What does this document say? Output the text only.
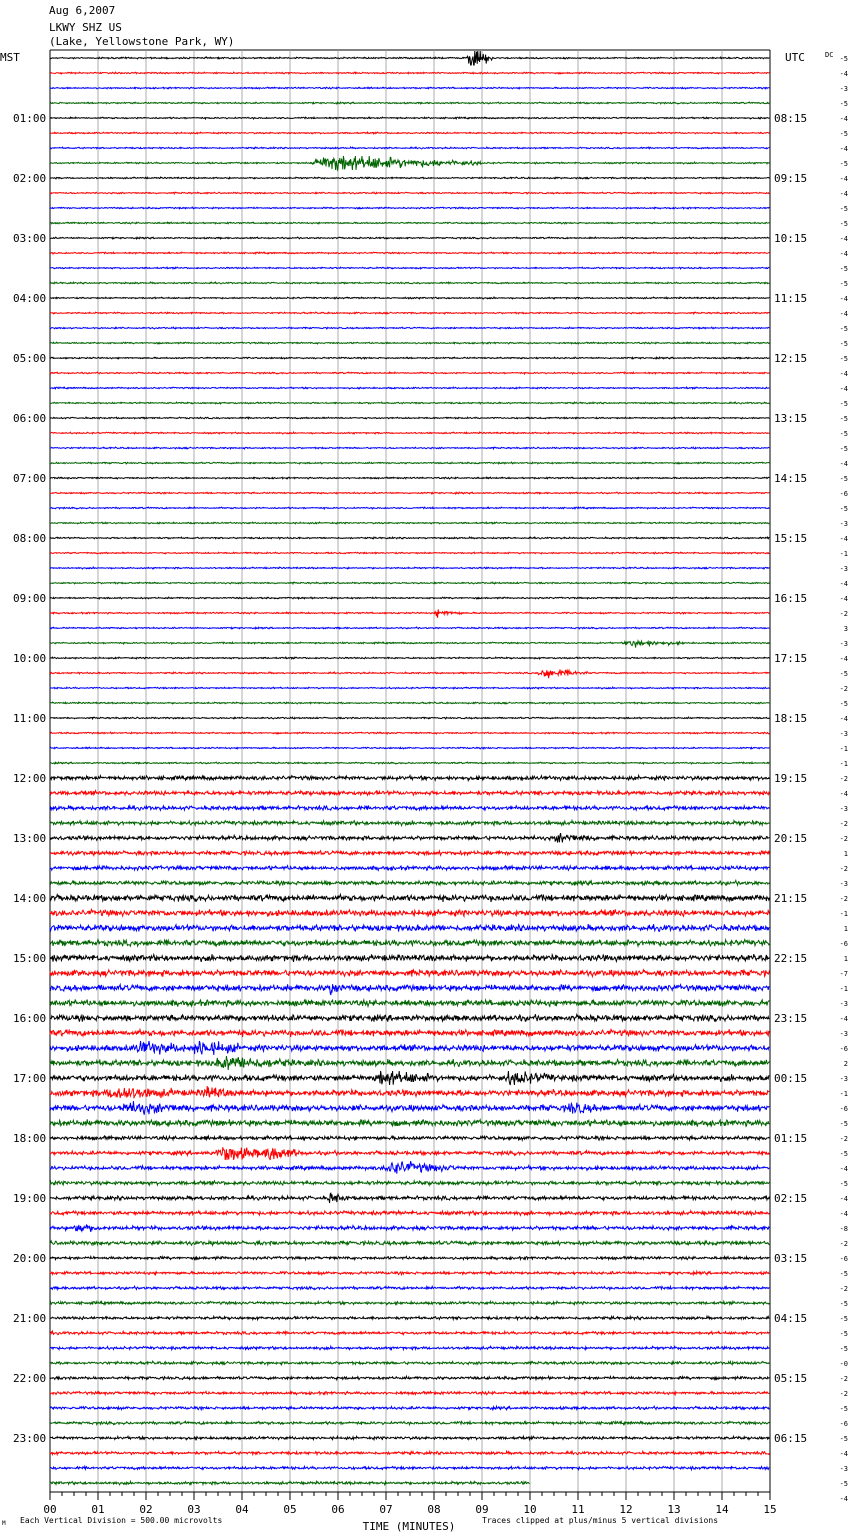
Aug 6,2007
LKWY SHZ US
(Lake, Yellowstone Park, WY)
MST	UTC
01:00
02:00
03:00
04:00
05:00
06:00
07:00
08:00
09:00
10:00
11:00
12:00
13:00
14:00
15:00
16:00
17:00
18:00
19:00
20:00
21:00
22:00
23:00
08:15
09:15
10:15
11:15
12:15
13:15
14:15
15:15
16:15
17:15
18:15
19:15
20:15
21:15
22:15
23:15
00:15
01:15
02:15
03:15
04:15
05:15
06:15
DC -5
-4
-3
-5
-4
-5
-4
-5
-4
-4
-5
-5
-4
-4
-5
-5
-4
-4
-5
-5
-5
-4
-4
-5
-5
-5
-5
-4
-5
-6
-5
-3
-4
-1
-3
-4
-4
-2
3
-3
-4
-5
-2
-5
-4
-3
-1
-1
-2
-4
-3
-2
-2
1
-2
-3
-2
-1
1
-6
1
-7
-1
-3
-4
-3
-6
2
-3
-1
-6
-5
-2
-5
-4
-5
-4
-4
-8
-2
-6
-5
-2
-5
-5
-5
-5
-0
-2
-2
-5
-6
-5
-4
-3
-5
-4
00	01	02	03	04	05	06	07	08	09	10	11	12	13	14	15
TIME (MINUTES)
Each Vertical Division = 500.00 microvolts	Traces clipped at plus/minus 5 vertical divisions
M
